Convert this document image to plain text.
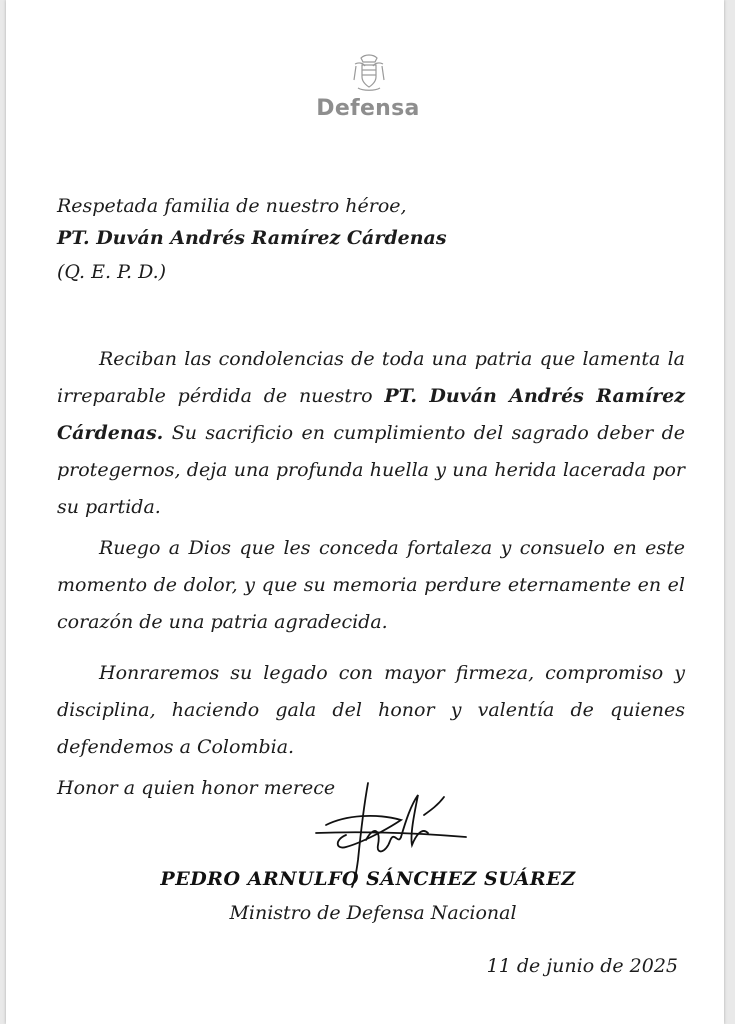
Defensa
Respetada familia de nuestro héroe,
PT. Duván Andrés Ramírez Cárdenas
(Q. E. P. D.)
Reciban las condolencias de toda una patria que lamenta la
irreparable pérdida de nuestro PT. Duván Andrés Ramírez
Cárdenas. Su sacrificio en cumplimiento del sagrado deber de
protegernos, deja una profunda huella y una herida lacerada por
su partida.
Ruego a Dios que les conceda fortaleza y consuelo en este
momento de dolor, y que su memoria perdure eternamente en el
corazón de una patria agradecida.
Honraremos su legado con mayor firmeza, compromiso y
disciplina, haciendo gala del honor y valentía de quienes
defendemos a Colombia.
Honor a quien honor merece
PEDRO ARNULFO SÁNCHEZ SUÁREZ
Ministro de Defensa Nacional
11 de junio de 2025
